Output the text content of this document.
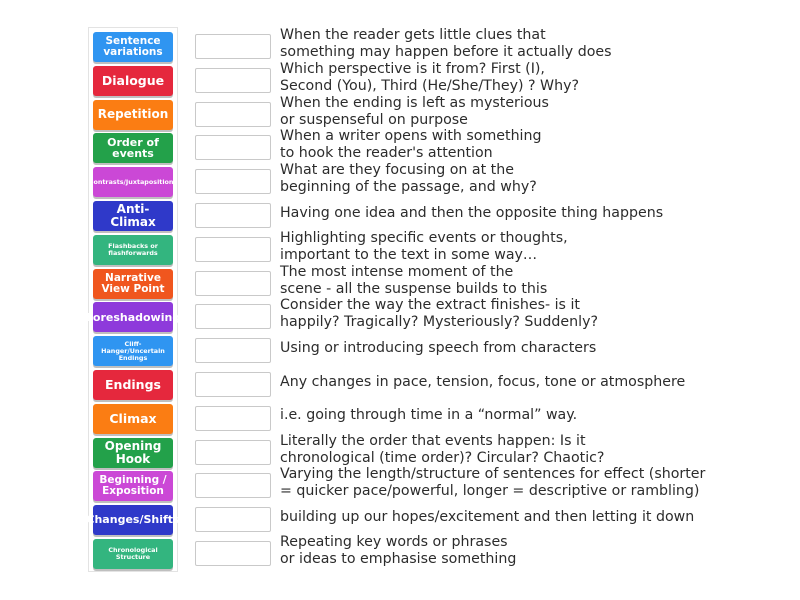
Sentence variations
Dialogue
Repetition
Order of events
Contrasts/Juxtapositions
Anti-Climax
Flashbacks or flashforwards
Narrative View Point
Foreshadowing
Cliff-Hanger/Uncertain Endings
Endings
Climax
Opening Hook
Beginning / Exposition
Changes/Shifts
Chronological Structure
When the reader gets little clues that
something may happen before it actually does
Which perspective is it from? First (I),
Second (You), Third (He/She/They) ? Why?
When the ending is left as mysterious
or suspenseful on purpose
When a writer opens with something
to hook the reader's attention
What are they focusing on at the
beginning of the passage, and why?
Having one idea and then the opposite thing happens
Highlighting specific events or thoughts,
important to the text in some way…
The most intense moment of the
scene - all the suspense builds to this
Consider the way the extract finishes- is it
happily? Tragically? Mysteriously? Suddenly?
Using or introducing speech from characters
Any changes in pace, tension, focus, tone or atmosphere
i.e. going through time in a “normal” way.
Literally the order that events happen: Is it
chronological (time order)? Circular? Chaotic?
Varying the length/structure of sentences for effect (shorter
= quicker pace/powerful, longer = descriptive or rambling)
building up our hopes/excitement and then letting it down
Repeating key words or phrases
or ideas to emphasise something
